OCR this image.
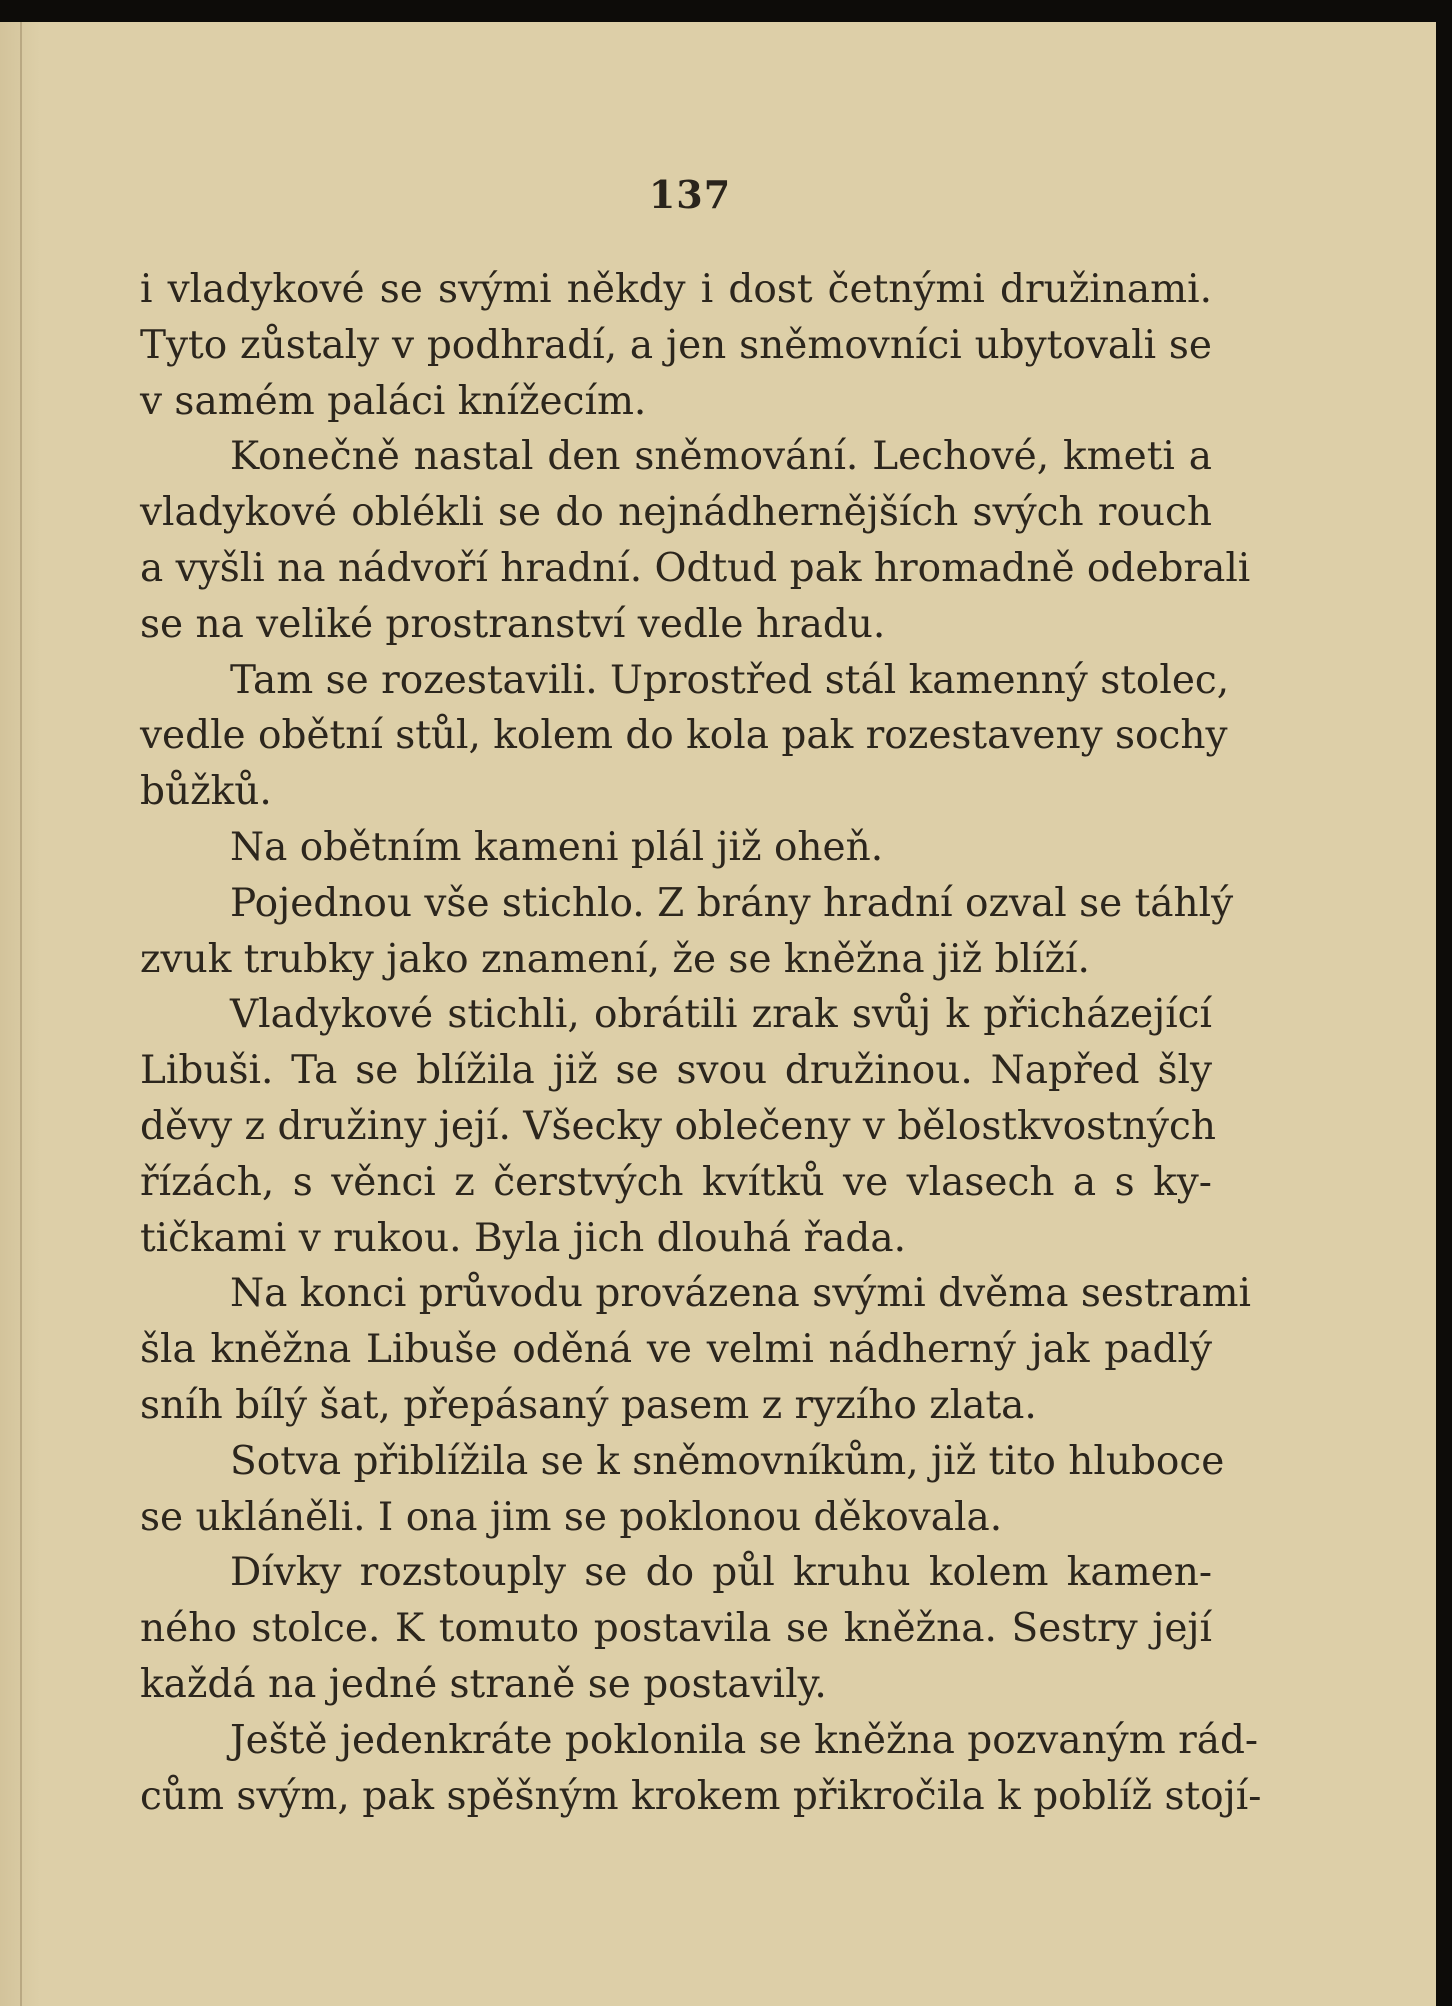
137

i vladykové se svými někdy i dost četnými družinami.
Tyto zůstaly v podhradí, a jen sněmovníci ubytovali se
v samém paláci knížecím.

Konečně nastal den sněmování. Lechové, kmeti a
vladykové oblékli se do nejnádhernějších svých rouch
a vyšli na nádvoří hradní. Odtud pak hromadně odebrali
se na veliké prostranství vedle hradu.

Tam se rozestavili. Uprostřed stál kamenný stolec,
vedle obětní stůl, kolem do kola pak rozestaveny sochy
bůžků.

Na obětním kameni plál již oheň.

Pojednou vše stichlo. Z brány hradní ozval se táhlý
zvuk trubky jako znamení, že se kněžna již blíží.

Vladykové stichli, obrátili zrak svůj k přicházející
Libuši. Ta se blížila již se svou družinou. Napřed šly
děvy z družiny její. Všecky oblečeny v bělostkvostných
řízách, s věnci z čerstvých kvítků ve vlasech a s ky-
tičkami v rukou. Byla jich dlouhá řada.

Na konci průvodu provázena svými dvěma sestrami
šla kněžna Libuše oděná ve velmi nádherný jak padlý
sníh bílý šat, přepásaný pasem z ryzího zlata.

Sotva přiblížila se k sněmovníkům, již tito hluboce
se ukláněli. I ona jim se poklonou děkovala.

Dívky rozstouply se do půl kruhu kolem kamen-
ného stolce. K tomuto postavila se kněžna. Sestry její
každá na jedné straně se postavily.

Ještě jedenkráte poklonila se kněžna pozvaným rád-
cům svým, pak spěšným krokem přikročila k poblíž stojí-
